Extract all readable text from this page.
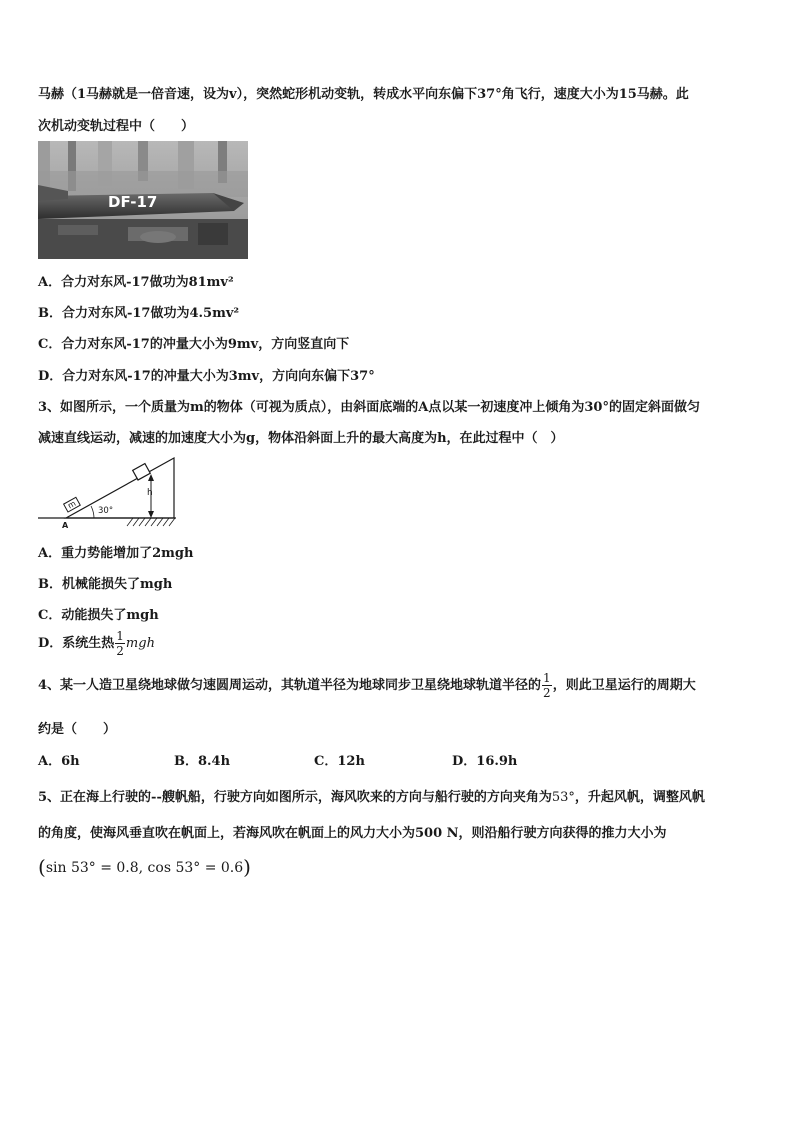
马赫（1马赫就是一倍音速，设为v），突然蛇形机动变轨，转成水平向东偏下37°角飞行，速度大小为15马赫。此
次机动变轨过程中（　　）
DF-17
A．合力对东风-17做功为81mv²
B．合力对东风-17做功为4.5mv²
C．合力对东风-17的冲量大小为9mv，方向竖直向下
D．合力对东风-17的冲量大小为3mv，方向向东偏下37°
3、如图所示，一个质量为m的物体（可视为质点），由斜面底端的A点以某一初速度冲上倾角为30°的固定斜面做匀
减速直线运动，减速的加速度大小为g，物体沿斜面上升的最大高度为h，在此过程中（　）
m
h
30°
A
A．重力势能增加了2mgh
B．机械能损失了mgh
C．动能损失了mgh
D．系统生热 $\frac{1}{2}$ mgh
4、某一人造卫星绕地球做匀速圆周运动，其轨道半径为地球同步卫星绕地球轨道半径的 $\frac{1}{2}$ ，则此卫星运行的周期大
约是（　　）
A．6h	B．8.4h	C．12h	D．16.9h
5、正在海上行驶的--艘帆船，行驶方向如图所示，海风吹来的方向与船行驶的方向夹角为53°，升起风帆，调整风帆
的角度，使海风垂直吹在帆面上，若海风吹在帆面上的风力大小为500 N，则沿船行驶方向获得的推力大小为
(sin 53° = 0.8, cos 53° = 0.6)
